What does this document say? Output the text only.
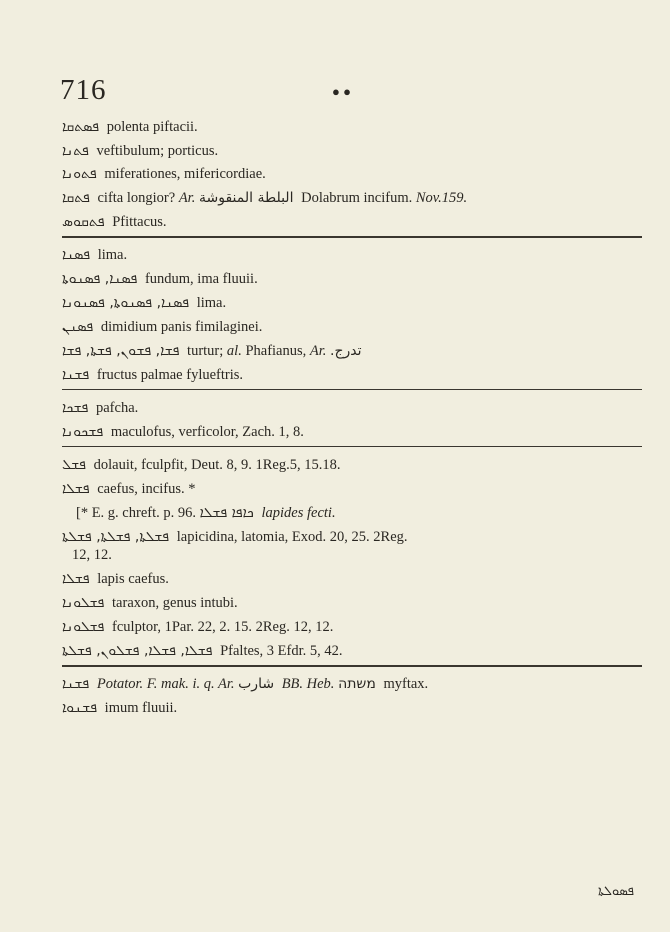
716	● ●
ܦܣܬܩܐ polenta piftacii.
ܦܬܢܐ veftibulum; porticus.
ܦܬܘܢܐ miferationes, mifericordiae.
ܦܬܩܐ cifta longior? Ar. البلطة المنقوشة Dolabrum incifum. Nov.159.
ܦܬܩܘܣ Pfittacus.
ܦܣܢܐ lima.
ܦܣܢܐ, ܦܣܢܘܬܐ fundum, ima fluuii.
ܦܣܢܐ, ܦܣܢܘܬܐ, ܦܣܢܘܢܐ lima.
ܦܣܢܢ dimidium panis fimilaginei.
ܦܫܐ, ܦܫܘܢ, ܦܫܬܐ, ܦܫܐ turtur; al. Phafianus, Ar. تدرج.
ܦܫܢܐ fructus palmae fylueftris.
ܦܫܟܐ pafcha.
ܦܫܟܘܢܐ maculofus, verficolor, Zach. 1, 8.
ܦܫܠ dolauit, fculpfit, Deut. 8, 9. 1Reg.5, 15.18.
ܦܫܠܐ caefus, incifus. *
[* E. g. chreft. p. 96. ܟܐܦܐ ܦܫܠܐ lapides fecti.
ܦܫܠܬܐ, ܦܫܠܬܐ, ܦܫܠܬܐ lapicidina, latomia, Exod. 20, 25. 2Reg.
12, 12.
ܦܫܠܐ lapis caefus.
ܦܫܠܘܢܐ taraxon, genus intubi.
ܦܫܠܘܢܐ fculptor, 1Par. 22, 2. 15. 2Reg. 12, 12.
ܦܫܠܐ, ܦܫܠܐ, ܦܫܠܘܢ, ܦܫܠܬܐ Pfaltes, 3 Efdr. 5, 42.
ܦܫܢܐ Potator. F. mak. i. q. Ar. شارب BB. Heb. משתה myftax.
ܦܫܢܘܐ imum fluuii.
ܦܣܘܠܬܐ
